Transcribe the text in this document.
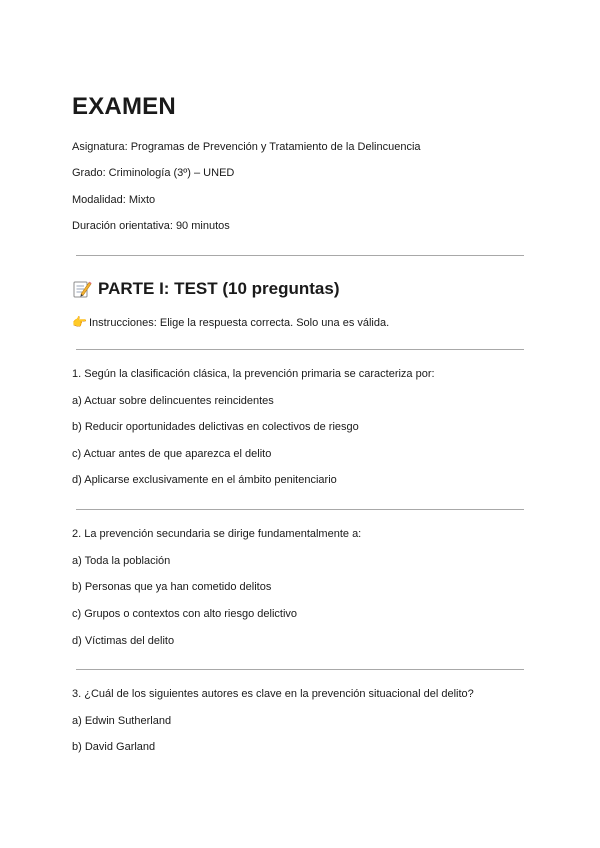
EXAMEN
Asignatura: Programas de Prevención y Tratamiento de la Delincuencia
Grado: Criminología (3º) – UNED
Modalidad: Mixto
Duración orientativa: 90 minutos
PARTE I: TEST (10 preguntas)
👉 Instrucciones: Elige la respuesta correcta. Solo una es válida.
1. Según la clasificación clásica, la prevención primaria se caracteriza por:
a) Actuar sobre delincuentes reincidentes
b) Reducir oportunidades delictivas en colectivos de riesgo
c) Actuar antes de que aparezca el delito
d) Aplicarse exclusivamente en el ámbito penitenciario
2. La prevención secundaria se dirige fundamentalmente a:
a) Toda la población
b) Personas que ya han cometido delitos
c) Grupos o contextos con alto riesgo delictivo
d) Víctimas del delito
3. ¿Cuál de los siguientes autores es clave en la prevención situacional del delito?
a) Edwin Sutherland
b) David Garland
